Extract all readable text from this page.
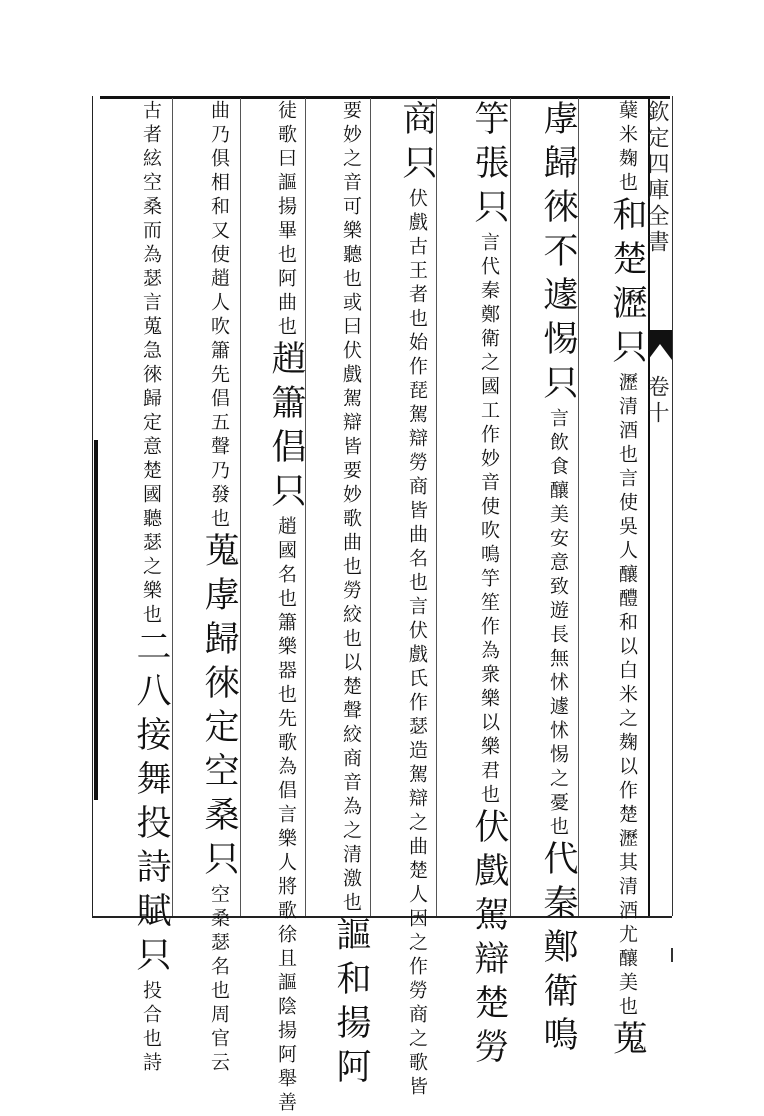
欽定四庫全書 卷十
蘖米麹也和楚瀝只瀝清酒也言使吳人釀醴和以白米之麹以作楚瀝其清酒尤釀美也蒐
虖歸徠不遽惕只言飲食釀美安意致遊長無怵遽怵惕之憂也代秦鄭衛鳴
竽張只言代秦鄭衛之國工作妙音使吹鳴竽笙作為衆樂以樂君也伏戲駕辯楚勞
商只伏戲古王者也始作琵駕辯勞商皆曲名也言伏戲氏作瑟造駕辯之曲楚人因之作勞商之歌皆
要妙之音可樂聽也或曰伏戲駕辯皆要妙歌曲也勞絞也以楚聲絞商音為之清激也謳和揚阿
徒歌曰謳揚畢也阿曲也趙簫倡只趙國名也簫樂器也先歌為倡言樂人將歌徐且謳陰揚阿舉善
曲乃俱相和又使趙人吹簫先倡五聲乃發也蒐虖歸徠定空桑只空桑瑟名也周官云
古者絃空桑而為瑟言蒐急徠歸定意楚國聽瑟之樂也二八接舞投詩賦只投合也詩
